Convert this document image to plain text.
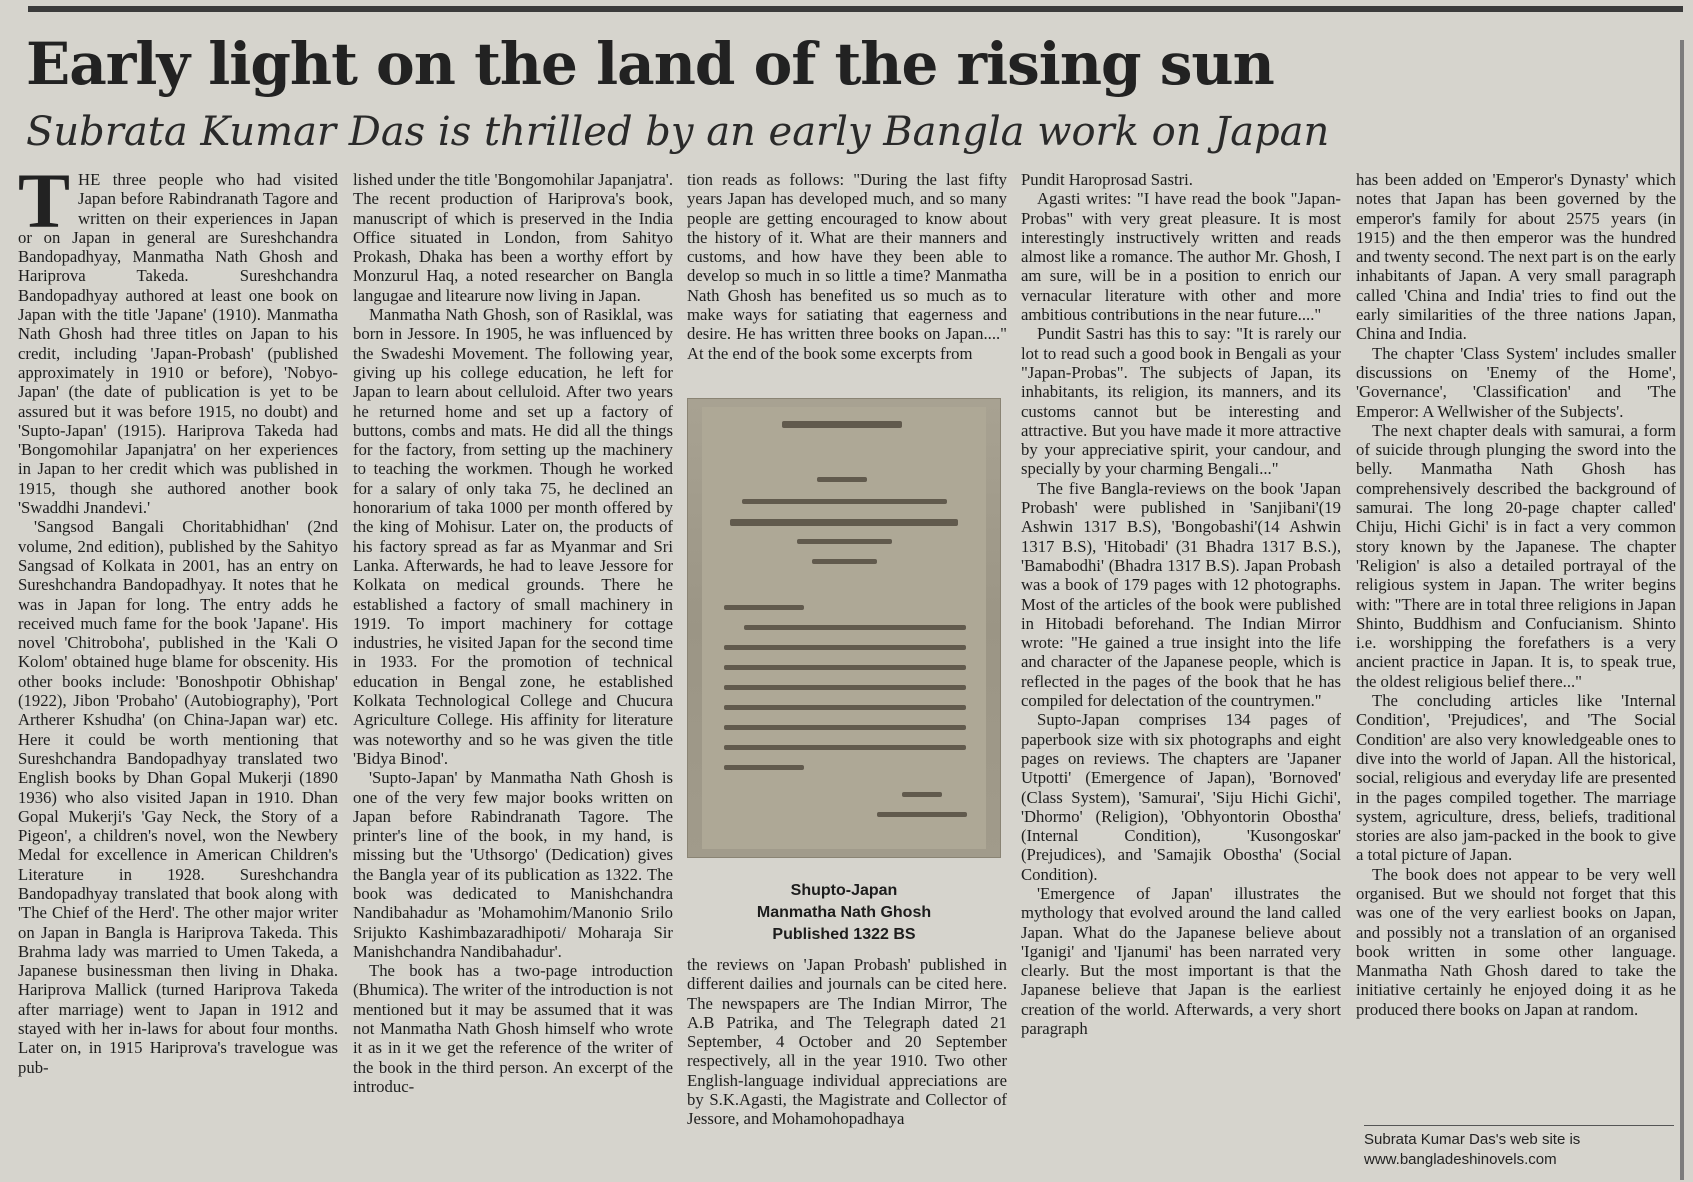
Early light on the land of the rising sun
Subrata Kumar Das is thrilled by an early Bangla work on Japan

THE three people who had visited Japan before Rabindranath Tagore and written on their experiences in Japan or on Japan in general are Sureshchandra Bandopadhyay, Manmatha Nath Ghosh and Hariprova Takeda. Sureshchandra Bandopadhyay authored at least one book on Japan with the title 'Japane' (1910). Manmatha Nath Ghosh had three titles on Japan to his credit, including 'Japan-Probash' (published approximately in 1910 or before), 'Nobyo-Japan' (the date of publication is yet to be assured but it was before 1915, no doubt) and 'Supto-Japan' (1915). Hariprova Takeda had 'Bongomohilar Japanjatra' on her experiences in Japan to her credit which was published in 1915, though she authored another book 'Swaddhi Jnandevi.'

'Sangsod Bangali Choritabhidhan' (2nd volume, 2nd edition), published by the Sahityo Sangsad of Kolkata in 2001, has an entry on Sureshchandra Bandopadhyay. It notes that he was in Japan for long. The entry adds he received much fame for the book 'Japane'. His novel 'Chitroboha', published in the 'Kali O Kolom' obtained huge blame for obscenity. His other books include: 'Bonoshpotir Obhishap' (1922), Jibon 'Probaho' (Autobiography), 'Port Artherer Kshudha' (on China-Japan war) etc. Here it could be worth mentioning that Sureshchandra Bandopadhyay translated two English books by Dhan Gopal Mukerji (1890 1936) who also visited Japan in 1910. Dhan Gopal Mukerji's 'Gay Neck, the Story of a Pigeon', a children's novel, won the Newbery Medal for excellence in American Children's Literature in 1928. Sureshchandra Bandopadhyay translated that book along with 'The Chief of the Herd'. The other major writer on Japan in Bangla is Hariprova Takeda. This Brahma lady was married to Umen Takeda, a Japanese businessman then living in Dhaka. Hariprova Mallick (turned Hariprova Takeda after marriage) went to Japan in 1912 and stayed with her in-laws for about four months. Later on, in 1915 Hariprova's travelogue was pub-

lished under the title 'Bongomohilar Japanjatra'. The recent production of Hariprova's book, manuscript of which is preserved in the India Office situated in London, from Sahityo Prokash, Dhaka has been a worthy effort by Monzurul Haq, a noted researcher on Bangla langugae and litearure now living in Japan.

Manmatha Nath Ghosh, son of Rasiklal, was born in Jessore. In 1905, he was influenced by the Swadeshi Movement. The following year, giving up his college education, he left for Japan to learn about celluloid. After two years he returned home and set up a factory of buttons, combs and mats. He did all the things for the factory, from setting up the machinery to teaching the workmen. Though he worked for a salary of only taka 75, he declined an honorarium of taka 1000 per month offered by the king of Mohisur. Later on, the products of his factory spread as far as Myanmar and Sri Lanka. Afterwards, he had to leave Jessore for Kolkata on medical grounds. There he established a factory of small machinery in 1919. To import machinery for cottage industries, he visited Japan for the second time in 1933. For the promotion of technical education in Bengal zone, he established Kolkata Technological College and Chucura Agriculture College. His affinity for literature was noteworthy and so he was given the title 'Bidya Binod'.

'Supto-Japan' by Manmatha Nath Ghosh is one of the very few major books written on Japan before Rabindranath Tagore. The printer's line of the book, in my hand, is missing but the 'Uthsorgo' (Dedication) gives the Bangla year of its publication as 1322. The book was dedicated to Manishchandra Nandibahadur as 'Mohamohim/Manonio Srilo Srijukto Kashimbazaradhipoti/ Moharaja Sir Manishchandra Nandibahadur'.

The book has a two-page introduction (Bhumica). The writer of the introduction is not mentioned but it may be assumed that it was not Manmatha Nath Ghosh himself who wrote it as in it we get the reference of the writer of the book in the third person. An excerpt of the introduc-

tion reads as follows: "During the last fifty years Japan has developed much, and so many people are getting encouraged to know about the history of it. What are their manners and customs, and how have they been able to develop so much in so little a time? Manmatha Nath Ghosh has benefited us so much as to make ways for satiating that eagerness and desire. He has written three books on Japan...." At the end of the book some excerpts from
the reviews on 'Japan Probash' published in different dailies and journals can be cited here. The newspapers are The Indian Mirror, The A.B Patrika, and The Telegraph dated 21 September, 4 October and 20 September respectively, all in the year 1910. Two other English-language individual appreciations are by S.K.Agasti, the Magistrate and Collector of Jessore, and Mohamohopadhaya
Shupto-Japan
Manmatha Nath Ghosh
Published 1322 BS

Pundit Haroprosad Sastri.

Agasti writes: "I have read the book "Japan-Probas" with very great pleasure. It is most interestingly instructively written and reads almost like a romance. The author Mr. Ghosh, I am sure, will be in a position to enrich our vernacular literature with other and more ambitious contributions in the near future...."

Pundit Sastri has this to say: "It is rarely our lot to read such a good book in Bengali as your "Japan-Probas". The subjects of Japan, its inhabitants, its religion, its manners, and its customs cannot but be interesting and attractive. But you have made it more attractive by your appreciative spirit, your candour, and specially by your charming Bengali..."

The five Bangla-reviews on the book 'Japan Probash' were published in 'Sanjibani'(19 Ashwin 1317 B.S), 'Bongobashi'(14 Ashwin 1317 B.S), 'Hitobadi' (31 Bhadra 1317 B.S.), 'Bamabodhi' (Bhadra 1317 B.S). Japan Probash was a book of 179 pages with 12 photographs. Most of the articles of the book were published in Hitobadi beforehand. The Indian Mirror wrote: "He gained a true insight into the life and character of the Japanese people, which is reflected in the pages of the book that he has compiled for delectation of the countrymen."

Supto-Japan comprises 134 pages of paperbook size with six photographs and eight pages on reviews. The chapters are 'Japaner Utpotti' (Emergence of Japan), 'Bornoved' (Class System), 'Samurai', 'Siju Hichi Gichi', 'Dhormo' (Religion), 'Obhyontorin Obostha' (Internal Condition), 'Kusongoskar' (Prejudices), and 'Samajik Obostha' (Social Condition).

'Emergence of Japan' illustrates the mythology that evolved around the land called Japan. What do the Japanese believe about 'Iganigi' and 'Ijanumi' has been narrated very clearly. But the most important is that the Japanese believe that Japan is the earliest creation of the world. Afterwards, a very short paragraph

has been added on 'Emperor's Dynasty' which notes that Japan has been governed by the emperor's family for about 2575 years (in 1915) and the then emperor was the hundred and twenty second. The next part is on the early inhabitants of Japan. A very small paragraph called 'China and India' tries to find out the early similarities of the three nations Japan, China and India.

The chapter 'Class System' includes smaller discussions on 'Enemy of the Home', 'Governance', 'Classification' and 'The Emperor: A Wellwisher of the Subjects'.

The next chapter deals with samurai, a form of suicide through plunging the sword into the belly. Manmatha Nath Ghosh has comprehensively described the background of samurai. The long 20-page chapter called' Chiju, Hichi Gichi' is in fact a very common story known by the Japanese. The chapter 'Religion' is also a detailed portrayal of the religious system in Japan. The writer begins with: "There are in total three religions in Japan Shinto, Buddhism and Confucianism. Shinto i.e. worshipping the forefathers is a very ancient practice in Japan. It is, to speak true, the oldest religious belief there..."

The concluding articles like 'Internal Condition', 'Prejudices', and 'The Social Condition' are also very knowledgeable ones to dive into the world of Japan. All the historical, social, religious and everyday life are presented in the pages compiled together. The marriage system, agriculture, dress, beliefs, traditional stories are also jam-packed in the book to give a total picture of Japan.

The book does not appear to be very well organised. But we should not forget that this was one of the very earliest books on Japan, and possibly not a translation of an organised book written in some other language. Manmatha Nath Ghosh dared to take the initiative certainly he enjoyed doing it as he produced there books on Japan at random.

Subrata Kumar Das's web site is
www.bangladeshinovels.com
